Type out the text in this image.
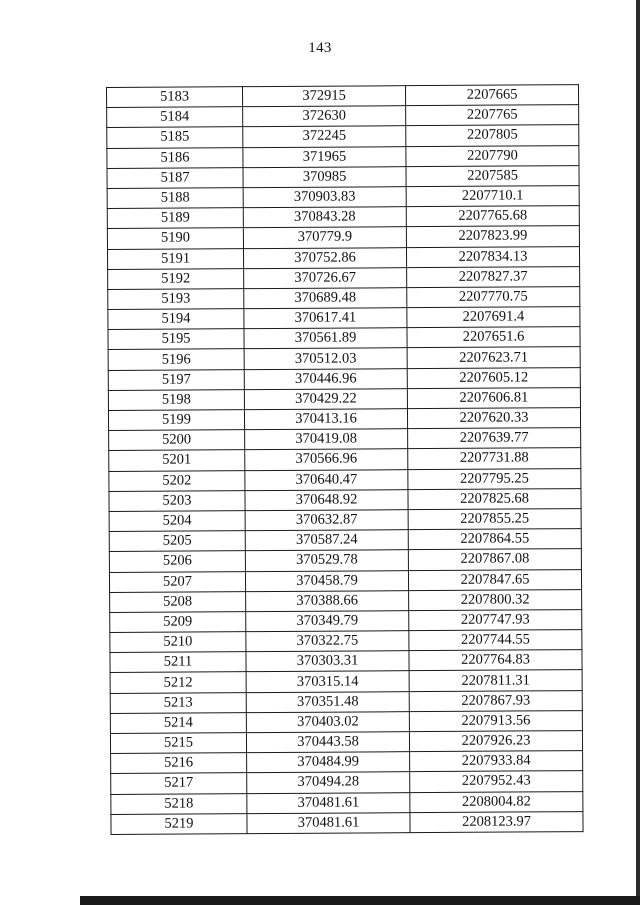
143
5183	372915	2207665
5184	372630	2207765
5185	372245	2207805
5186	371965	2207790
5187	370985	2207585
5188	370903.83	2207710.1
5189	370843.28	2207765.68
5190	370779.9	2207823.99
5191	370752.86	2207834.13
5192	370726.67	2207827.37
5193	370689.48	2207770.75
5194	370617.41	2207691.4
5195	370561.89	2207651.6
5196	370512.03	2207623.71
5197	370446.96	2207605.12
5198	370429.22	2207606.81
5199	370413.16	2207620.33
5200	370419.08	2207639.77
5201	370566.96	2207731.88
5202	370640.47	2207795.25
5203	370648.92	2207825.68
5204	370632.87	2207855.25
5205	370587.24	2207864.55
5206	370529.78	2207867.08
5207	370458.79	2207847.65
5208	370388.66	2207800.32
5209	370349.79	2207747.93
5210	370322.75	2207744.55
5211	370303.31	2207764.83
5212	370315.14	2207811.31
5213	370351.48	2207867.93
5214	370403.02	2207913.56
5215	370443.58	2207926.23
5216	370484.99	2207933.84
5217	370494.28	2207952.43
5218	370481.61	2208004.82
5219	370481.61	2208123.97
